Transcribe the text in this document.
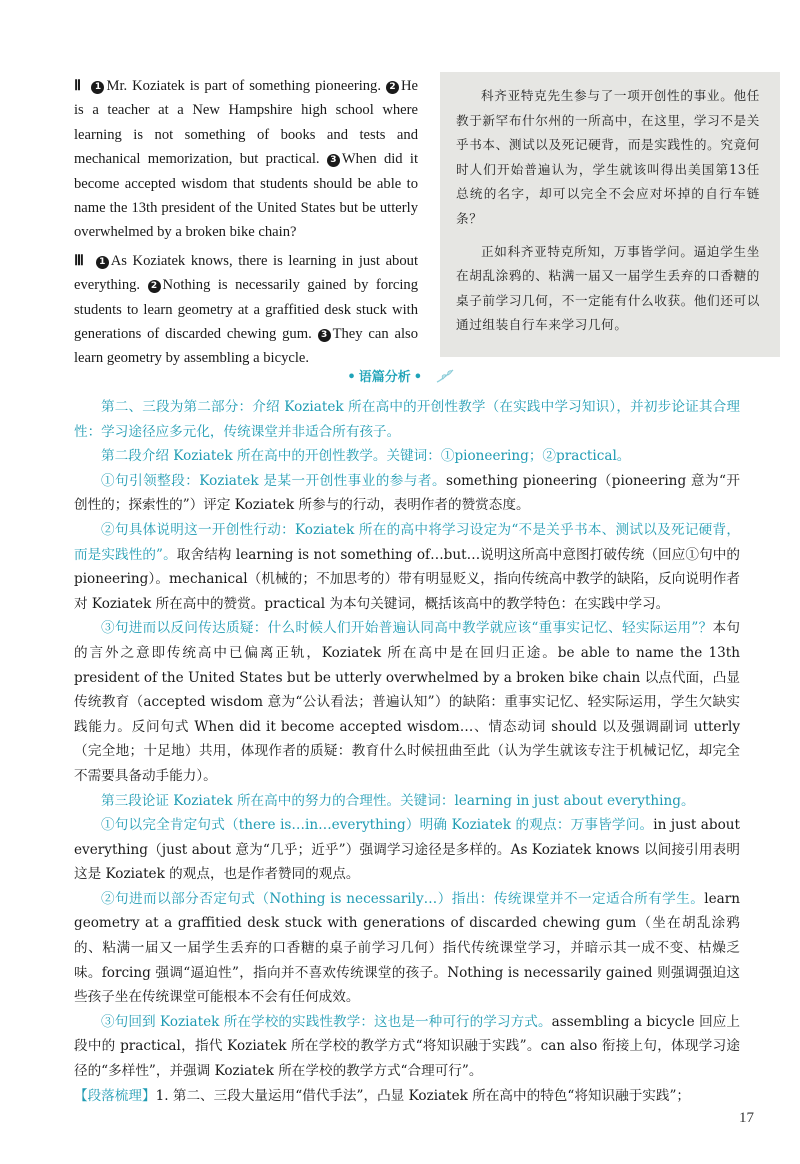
Ⅱ 1 Mr. Koziatek is part of something pioneering. 2 He is a teacher at a New Hampshire high school where learning is not something of books and tests and mechanical memorization, but practical. 3 When did it become accepted wisdom that students should be able to name the 13th president of the United States but be utterly overwhelmed by a broken bike chain?

Ⅲ 1 As Koziatek knows, there is learning in just about everything. 2 Nothing is necessarily gained by forcing students to learn geometry at a graffitied desk stuck with generations of discarded chewing gum. 3 They can also learn geometry by assembling a bicycle.

科齐亚特克先生参与了一项开创性的事业。他任教于新罕布什尔州的一所高中，在这里，学习不是关乎书本、测试以及死记硬背，而是实践性的。究竟何时人们开始普遍认为，学生就该叫得出美国第13任总统的名字，却可以完全不会应对坏掉的自行车链条？

正如科齐亚特克所知，万事皆学问。逼迫学生坐在胡乱涂鸦的、粘满一届又一届学生丢弃的口香糖的桌子前学习几何，不一定能有什么收获。他们还可以通过组装自行车来学习几何。

• 语篇分析 •

第二、三段为第二部分：介绍 Koziatek 所在高中的开创性教学（在实践中学习知识），并初步论证其合理性：学习途径应多元化，传统课堂并非适合所有孩子。

第二段介绍 Koziatek 所在高中的开创性教学。关键词：①pioneering；②practical。

①句引领整段：Koziatek 是某一开创性事业的参与者。something pioneering（pioneering 意为“开创性的；探索性的”）评定 Koziatek 所参与的行动，表明作者的赞赏态度。

②句具体说明这一开创性行动：Koziatek 所在的高中将学习设定为“不是关乎书本、测试以及死记硬背，而是实践性的”。取舍结构 learning is not something of…but…说明这所高中意图打破传统（回应①句中的 pioneering）。mechanical（机械的；不加思考的）带有明显贬义，指向传统高中教学的缺陷，反向说明作者对 Koziatek 所在高中的赞赏。practical 为本句关键词，概括该高中的教学特色：在实践中学习。

③句进而以反问传达质疑：什么时候人们开始普遍认同高中教学就应该“重事实记忆、轻实际运用”？本句的言外之意即传统高中已偏离正轨，Koziatek 所在高中是在回归正途。be able to name the 13th president of the United States but be utterly overwhelmed by a broken bike chain 以点代面，凸显传统教育（accepted wisdom 意为“公认看法；普遍认知”）的缺陷：重事实记忆、轻实际运用，学生欠缺实践能力。反问句式 When did it become accepted wisdom…、情态动词 should 以及强调副词 utterly（完全地；十足地）共用，体现作者的质疑：教育什么时候扭曲至此（认为学生就该专注于机械记忆，却完全不需要具备动手能力）。

第三段论证 Koziatek 所在高中的努力的合理性。关键词：learning in just about everything。

①句以完全肯定句式（there is…in…everything）明确 Koziatek 的观点：万事皆学问。in just about everything（just about 意为“几乎；近乎”）强调学习途径是多样的。As Koziatek knows 以间接引用表明这是 Koziatek 的观点，也是作者赞同的观点。

②句进而以部分否定句式（Nothing is necessarily…）指出：传统课堂并不一定适合所有学生。learn geometry at a graffitied desk stuck with generations of discarded chewing gum（坐在胡乱涂鸦的、粘满一届又一届学生丢弃的口香糖的桌子前学习几何）指代传统课堂学习，并暗示其一成不变、枯燥乏味。forcing 强调“逼迫性”，指向并不喜欢传统课堂的孩子。Nothing is necessarily gained 则强调强迫这些孩子坐在传统课堂可能根本不会有任何成效。

③句回到 Koziatek 所在学校的实践性教学：这也是一种可行的学习方式。assembling a bicycle 回应上段中的 practical，指代 Koziatek 所在学校的教学方式“将知识融于实践”。can also 衔接上句，体现学习途径的“多样性”，并强调 Koziatek 所在学校的教学方式“合理可行”。

【段落梳理】1. 第二、三段大量运用“借代手法”，凸显 Koziatek 所在高中的特色“将知识融于实践”；

17
